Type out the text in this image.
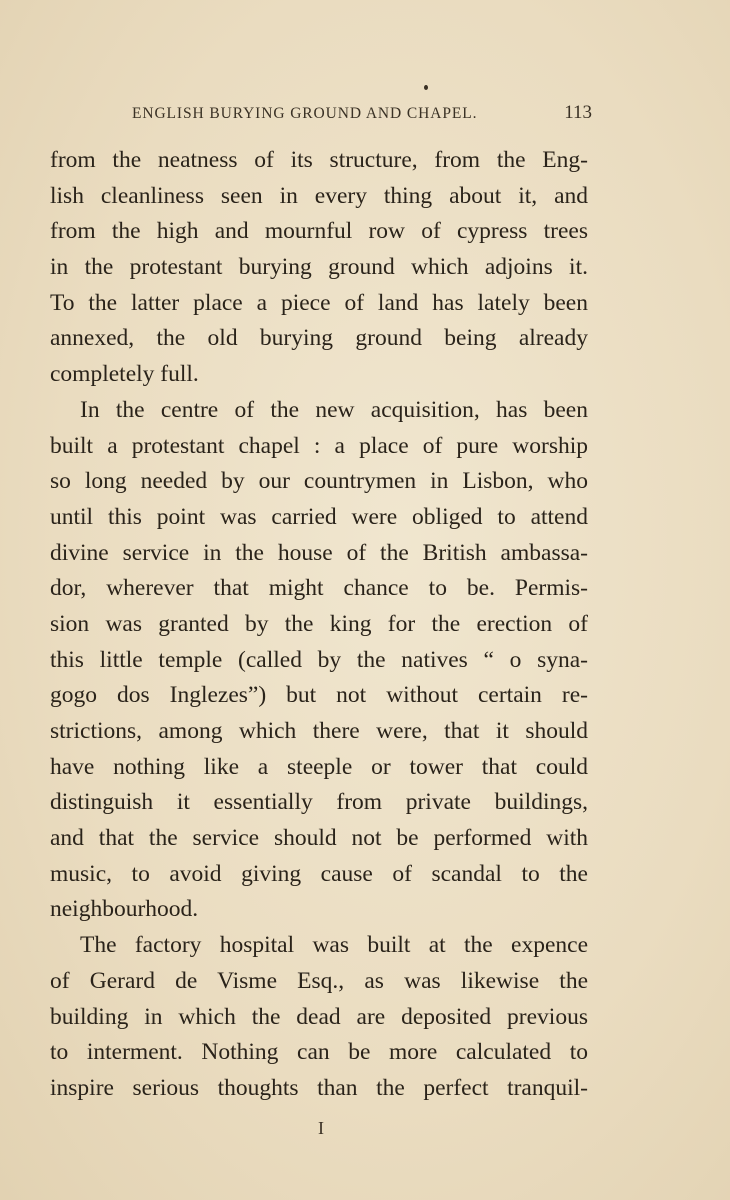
ENGLISH BURYING GROUND AND CHAPEL.	113
from the neatness of its structure, from the Eng-
lish cleanliness seen in every thing about it, and
from the high and mournful row of cypress trees
in the protestant burying ground which adjoins it.
To the latter place a piece of land has lately been
annexed, the old burying ground being already
completely full.
In the centre of the new acquisition, has been
built a protestant chapel : a place of pure worship
so long needed by our countrymen in Lisbon, who
until this point was carried were obliged to attend
divine service in the house of the British ambassa-
dor, wherever that might chance to be. Permis-
sion was granted by the king for the erection of
this little temple (called by the natives “ o syna-
gogo dos Inglezes”) but not without certain re-
strictions, among which there were, that it should
have nothing like a steeple or tower that could
distinguish it essentially from private buildings,
and that the service should not be performed with
music, to avoid giving cause of scandal to the
neighbourhood.
The factory hospital was built at the expence
of Gerard de Visme Esq., as was likewise the
building in which the dead are deposited previous
to interment. Nothing can be more calculated to
inspire serious thoughts than the perfect tranquil-
I
